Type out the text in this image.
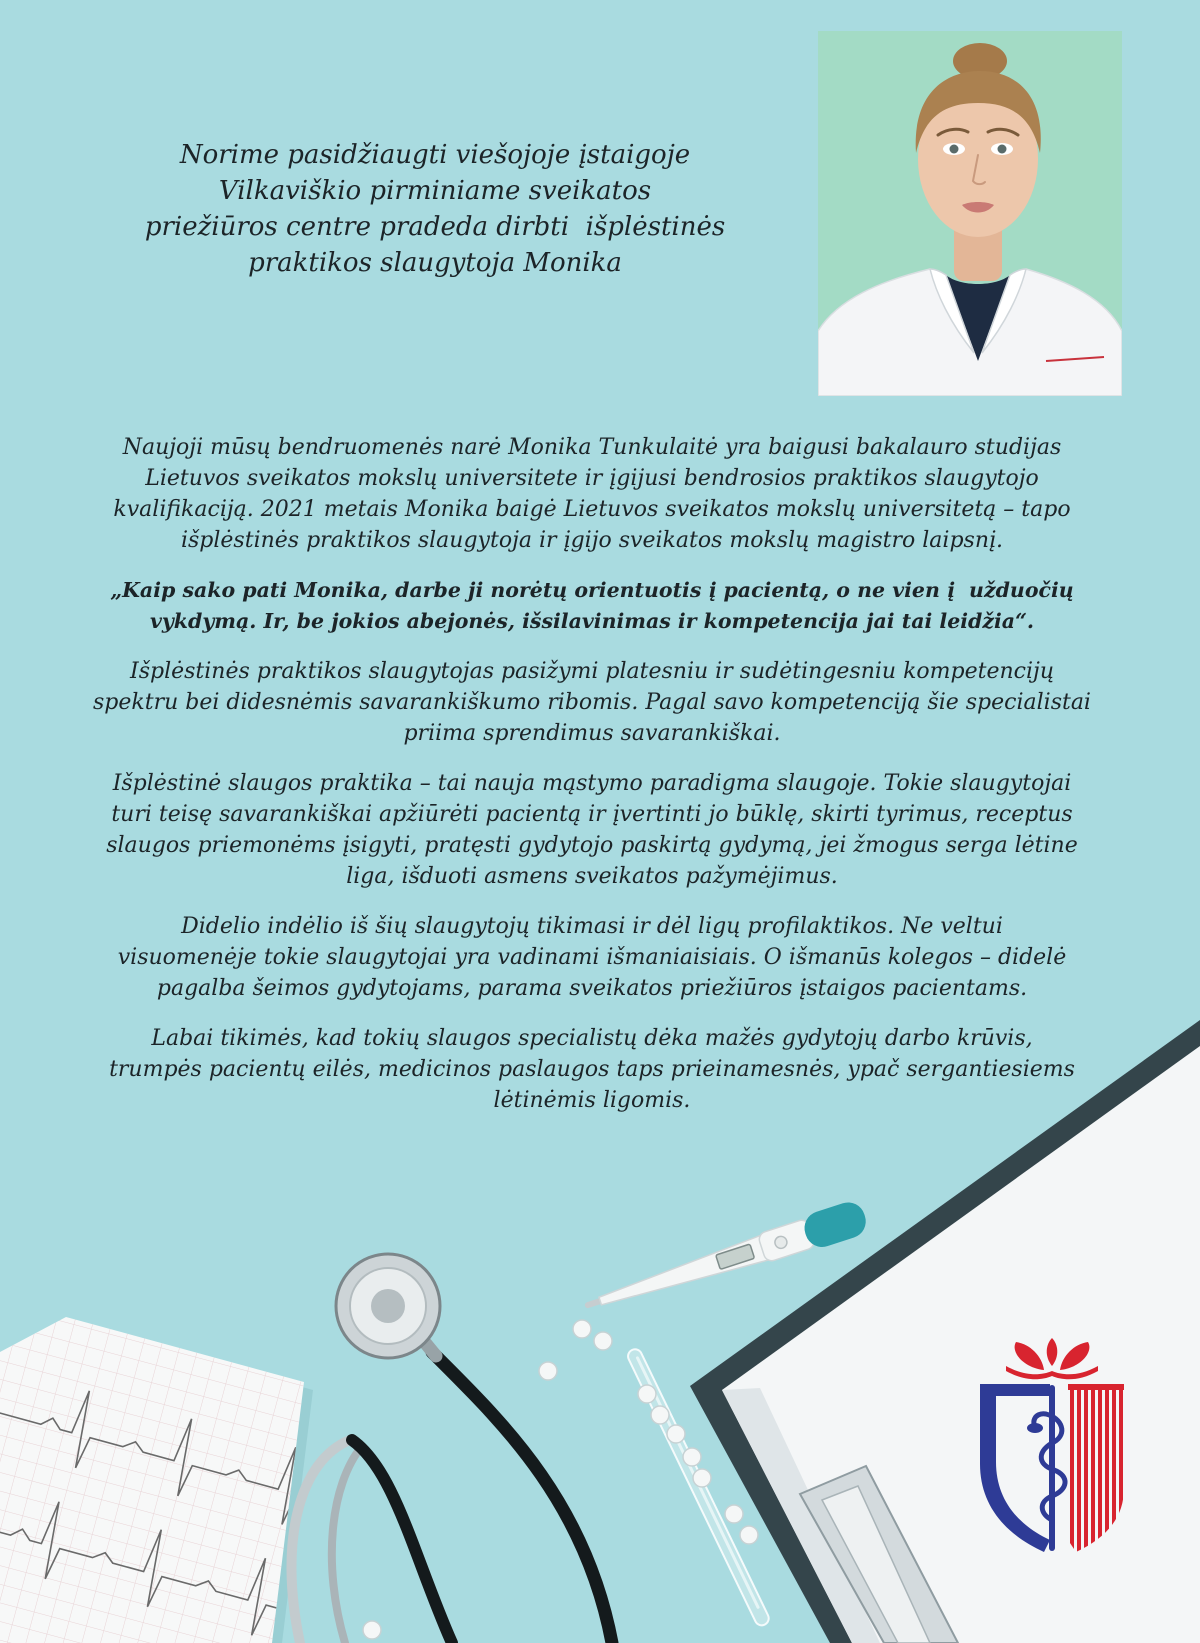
Norime pasidžiaugti viešojoje įstaigoje
Vilkaviškio pirminiame sveikatos
priežiūros centre pradeda dirbti  išplėstinės
praktikos slaugytoja Monika

Naujoji mūsų bendruomenės narė Monika Tunkulaitė yra baigusi bakalauro studijas
Lietuvos sveikatos mokslų universitete ir įgijusi bendrosios praktikos slaugytojo
kvalifikaciją. 2021 metais Monika baigė Lietuvos sveikatos mokslų universitetą – tapo
išplėstinės praktikos slaugytoja ir įgijo sveikatos mokslų magistro laipsnį.

„Kaip sako pati Monika, darbe ji norėtų orientuotis į pacientą, o ne vien į  užduočių
vykdymą. Ir, be jokios abejonės, išsilavinimas ir kompetencija jai tai leidžia“.

Išplėstinės praktikos slaugytojas pasižymi platesniu ir sudėtingesniu kompetencijų
spektru bei didesnėmis savarankiškumo ribomis. Pagal savo kompetenciją šie specialistai
priima sprendimus savarankiškai.

Išplėstinė slaugos praktika – tai nauja mąstymo paradigma slaugoje. Tokie slaugytojai
turi teisę savarankiškai apžiūrėti pacientą ir įvertinti jo būklę, skirti tyrimus, receptus
slaugos priemonėms įsigyti, pratęsti gydytojo paskirtą gydymą, jei žmogus serga lėtine
liga, išduoti asmens sveikatos pažymėjimus.

Didelio indėlio iš šių slaugytojų tikimasi ir dėl ligų profilaktikos. Ne veltui
visuomenėje tokie slaugytojai yra vadinami išmaniaisiais. O išmanūs kolegos – didelė
pagalba šeimos gydytojams, parama sveikatos priežiūros įstaigos pacientams.

Labai tikimės, kad tokių slaugos specialistų dėka mažės gydytojų darbo krūvis,
trumpės pacientų eilės, medicinos paslaugos taps prieinamesnės, ypač sergantiesiems
lėtinėmis ligomis.
